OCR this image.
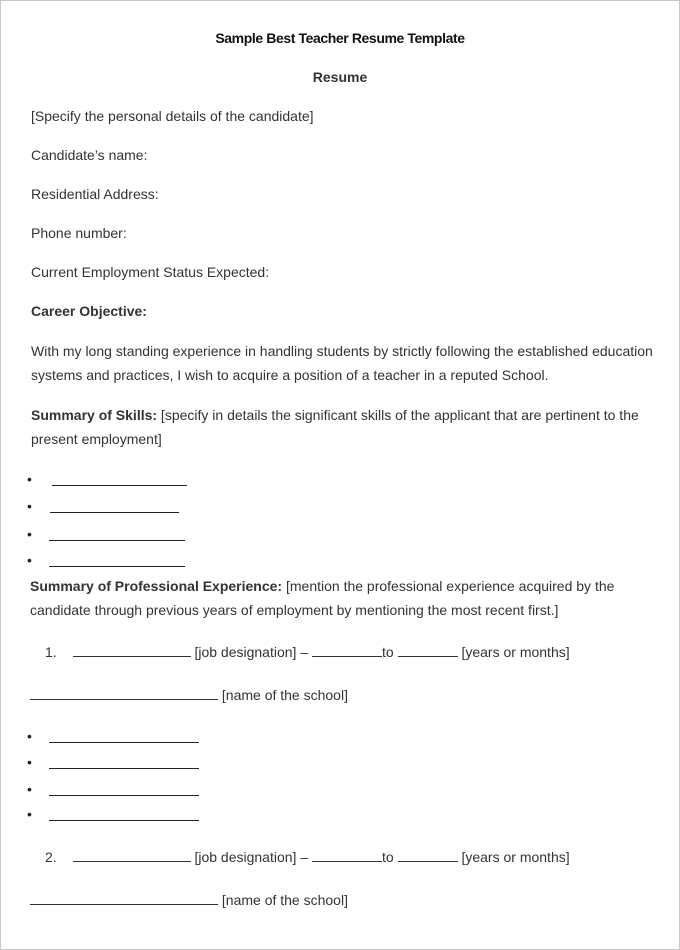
Sample Best Teacher Resume Template
Resume
[Specify the personal details of the candidate]
Candidate’s name:
Residential Address:
Phone number:
Current Employment Status Expected:
Career Objective:
With my long standing experience in handling students by strictly following the established education systems and practices, I wish to acquire a position of a teacher in a reputed School.
Summary of Skills: [specify in details the significant skills of the applicant that are pertinent to the present employment]
•
•
•
•
Summary of Professional Experience: [mention the professional experience acquired by the candidate through previous years of employment by mentioning the most recent first.]
1.	[job designation] –	to	[years or months]
[name of the school]
•
•
•
•
2.	[job designation] –	to	[years or months]
[name of the school]
